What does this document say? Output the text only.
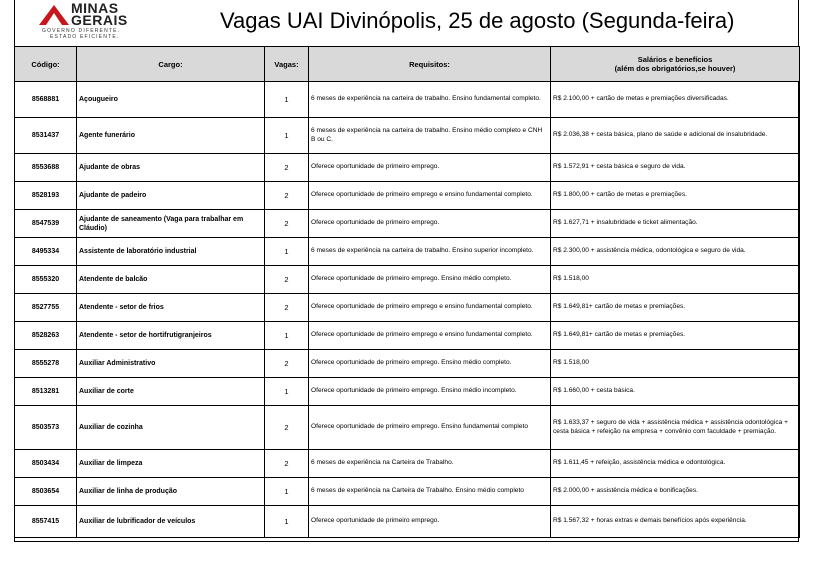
MINAS
GERAIS
GOVERNO DIFERENTE.
ESTADO EFICIENTE.
Vagas UAI Divinópolis, 25 de agosto (Segunda-feira)
Código:	Cargo:	Vagas:	Requisitos:	Salários e benefícios
(além dos obrigatórios,se houver)

8568881	Açougueiro	1	6 meses de experiência na carteira de trabalho. Ensino fundamental completo.	R$ 2.100,00 + cartão de metas e premiações diversificadas.
8531437	Agente funerário	1	6 meses de experiência na carteira de trabalho. Ensino médio completo e CNH B ou C.	R$ 2.036,38 + cesta básica, plano de saúde e adicional de insalubridade.
8553688	Ajudante de obras	2	Oferece oportunidade de primeiro emprego.	R$ 1.572,91 + cesta básica e seguro de vida.
8528193	Ajudante de padeiro	2	Oferece oportunidade de primeiro emprego e ensino fundamental completo.	R$ 1.800,00 + cartão de metas e premiações.
8547539	Ajudante de saneamento (Vaga para trabalhar em Cláudio)	2	Oferece oportunidade de primeiro emprego.	R$ 1.627,71 + insalubridade e ticket alimentação.
8495334	Assistente de laboratório industrial	1	6 meses de experiência na carteira de trabalho. Ensino superior incompleto.	R$ 2.300,00 + assistência médica, odontológica e seguro de vida.
8555320	Atendente de balcão	2	Oferece oportunidade de primeiro emprego. Ensino médio completo.	R$ 1.518,00
8527755	Atendente - setor de frios	2	Oferece oportunidade de primeiro emprego e ensino fundamental completo.	R$ 1.649,81+ cartão de metas e premiações.
8528263	Atendente - setor de hortifrutigranjeiros	1	Oferece oportunidade de primeiro emprego e ensino fundamental completo.	R$ 1.649,81+ cartão de metas e premiações.
8555278	Auxiliar Administrativo	2	Oferece oportunidade de primeiro emprego. Ensino médio completo.	R$ 1.518,00
8513281	Auxiliar de corte	1	Oferece oportunidade de primeiro emprego. Ensino médio incompleto.	R$ 1.660,00 + cesta básica.
8503573	Auxiliar de cozinha	2	Oferece oportunidade de primeiro emprego. Ensino fundamental completo	R$ 1.633,37 + seguro de vida + assistência médica + assistência odontológica + cesta básica + refeição na empresa + convênio com faculdade + premiação.
8503434	Auxiliar de limpeza	2	6 meses de experiência na Carteira de Trabalho.	R$ 1.611,45 + refeição, assistência médica e odontológica.
8503654	Auxiliar de linha de produção	1	6 meses de experiência na Carteira de Trabalho. Ensino médio completo	R$ 2.000,00 + assistência médica e bonificações.
8557415	Auxiliar de lubrificador de veículos	1	Oferece oportunidade de primeiro emprego.	R$ 1.567,32 + horas extras e demais benefícios após experiência.
